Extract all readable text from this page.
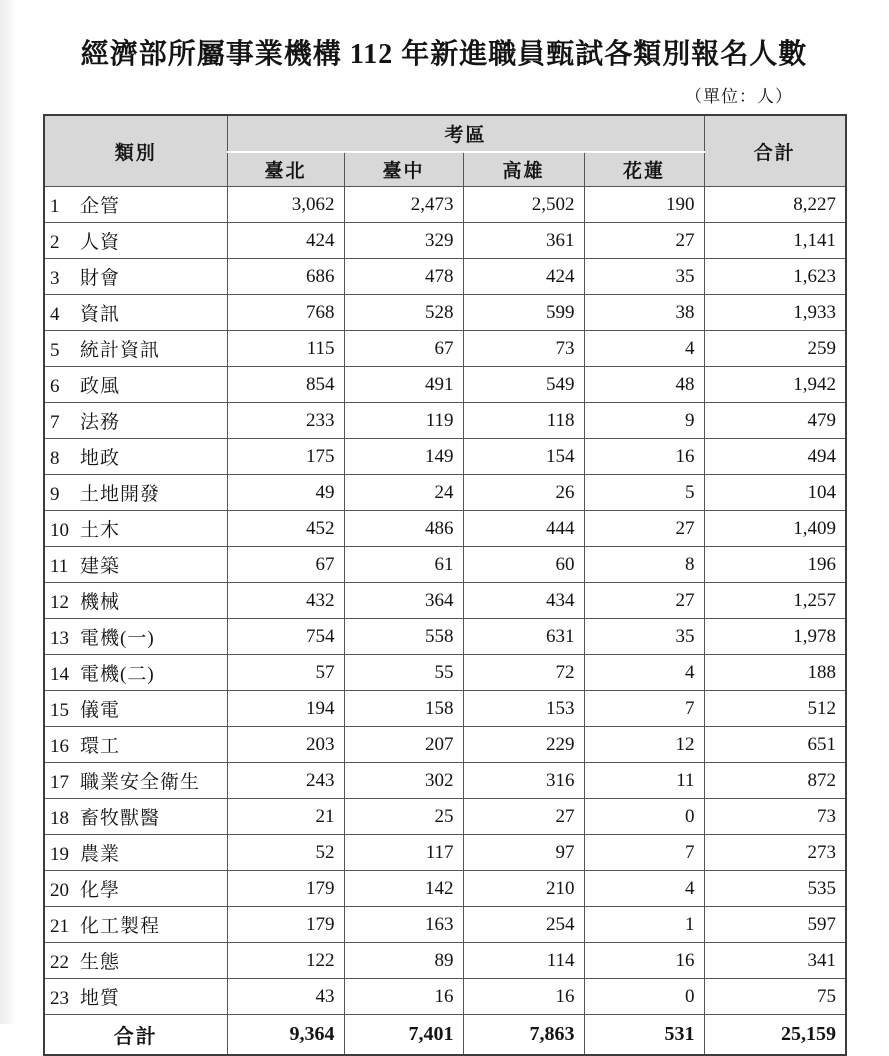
經濟部所屬事業機構 112 年新進職員甄試各類別報名人數
（單位：人）
類別	考區				合計
	臺北	臺中	高雄	花蓮	
1 企管	3,062	2,473	2,502	190	8,227
2 人資	424	329	361	27	1,141
3 財會	686	478	424	35	1,623
4 資訊	768	528	599	38	1,933
5 統計資訊	115	67	73	4	259
6 政風	854	491	549	48	1,942
7 法務	233	119	118	9	479
8 地政	175	149	154	16	494
9 土地開發	49	24	26	5	104
10 土木	452	486	444	27	1,409
11 建築	67	61	60	8	196
12 機械	432	364	434	27	1,257
13 電機(一)	754	558	631	35	1,978
14 電機(二)	57	55	72	4	188
15 儀電	194	158	153	7	512
16 環工	203	207	229	12	651
17 職業安全衛生	243	302	316	11	872
18 畜牧獸醫	21	25	27	0	73
19 農業	52	117	97	7	273
20 化學	179	142	210	4	535
21 化工製程	179	163	254	1	597
22 生態	122	89	114	16	341
23 地質	43	16	16	0	75
合計	9,364	7,401	7,863	531	25,159
